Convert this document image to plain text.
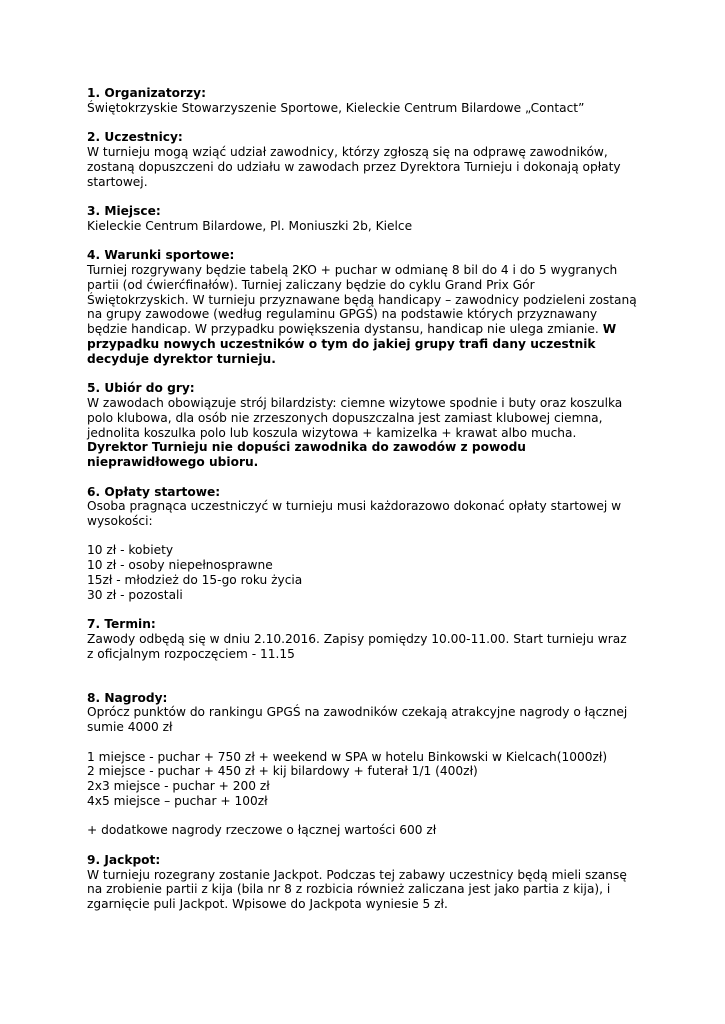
1. Organizatorzy:
Świętokrzyskie Stowarzyszenie Sportowe, Kieleckie Centrum Bilardowe „Contact”
2. Uczestnicy:
W turnieju mogą wziąć udział zawodnicy, którzy zgłoszą się na odprawę zawodników,
zostaną dopuszczeni do udziału w zawodach przez Dyrektora Turnieju i dokonają opłaty
startowej.
3. Miejsce:
Kieleckie Centrum Bilardowe, Pl. Moniuszki 2b, Kielce
4. Warunki sportowe:
Turniej rozgrywany będzie tabelą 2KO + puchar w odmianę 8 bil do 4 i do 5 wygranych
partii (od ćwierćfinałów). Turniej zaliczany będzie do cyklu Grand Prix Gór
Świętokrzyskich. W turnieju przyznawane będą handicapy – zawodnicy podzieleni zostaną
na grupy zawodowe (według regulaminu GPGŚ) na podstawie których przyznawany
będzie handicap. W przypadku powiększenia dystansu, handicap nie ulega zmianie. W
przypadku nowych uczestników o tym do jakiej grupy trafi dany uczestnik
decyduje dyrektor turnieju.
5. Ubiór do gry:
W zawodach obowiązuje strój bilardzisty: ciemne wizytowe spodnie i buty oraz koszulka
polo klubowa, dla osób nie zrzeszonych dopuszczalna jest zamiast klubowej ciemna,
jednolita koszulka polo lub koszula wizytowa + kamizelka + krawat albo mucha.
Dyrektor Turnieju nie dopuści zawodnika do zawodów z powodu
nieprawidłowego ubioru.
6. Opłaty startowe:
Osoba pragnąca uczestniczyć w turnieju musi każdorazowo dokonać opłaty startowej w
wysokości:
10 zł - kobiety
10 zł - osoby niepełnosprawne
15zł - młodzież do 15-go roku życia
30 zł - pozostali
7. Termin:
Zawody odbędą się w dniu 2.10.2016. Zapisy pomiędzy 10.00-11.00. Start turnieju wraz
z oficjalnym rozpoczęciem - 11.15
8. Nagrody:
Oprócz punktów do rankingu GPGŚ na zawodników czekają atrakcyjne nagrody o łącznej
sumie 4000 zł
1 miejsce - puchar + 750 zł + weekend w SPA w hotelu Binkowski w Kielcach(1000zł)
2 miejsce - puchar + 450 zł + kij bilardowy + futerał 1/1 (400zł)
2x3 miejsce - puchar + 200 zł
4x5 miejsce – puchar + 100zł
+ dodatkowe nagrody rzeczowe o łącznej wartości 600 zł
9. Jackpot:
W turnieju rozegrany zostanie Jackpot. Podczas tej zabawy uczestnicy będą mieli szansę
na zrobienie partii z kija (bila nr 8 z rozbicia również zaliczana jest jako partia z kija), i
zgarnięcie puli Jackpot. Wpisowe do Jackpota wyniesie 5 zł.
